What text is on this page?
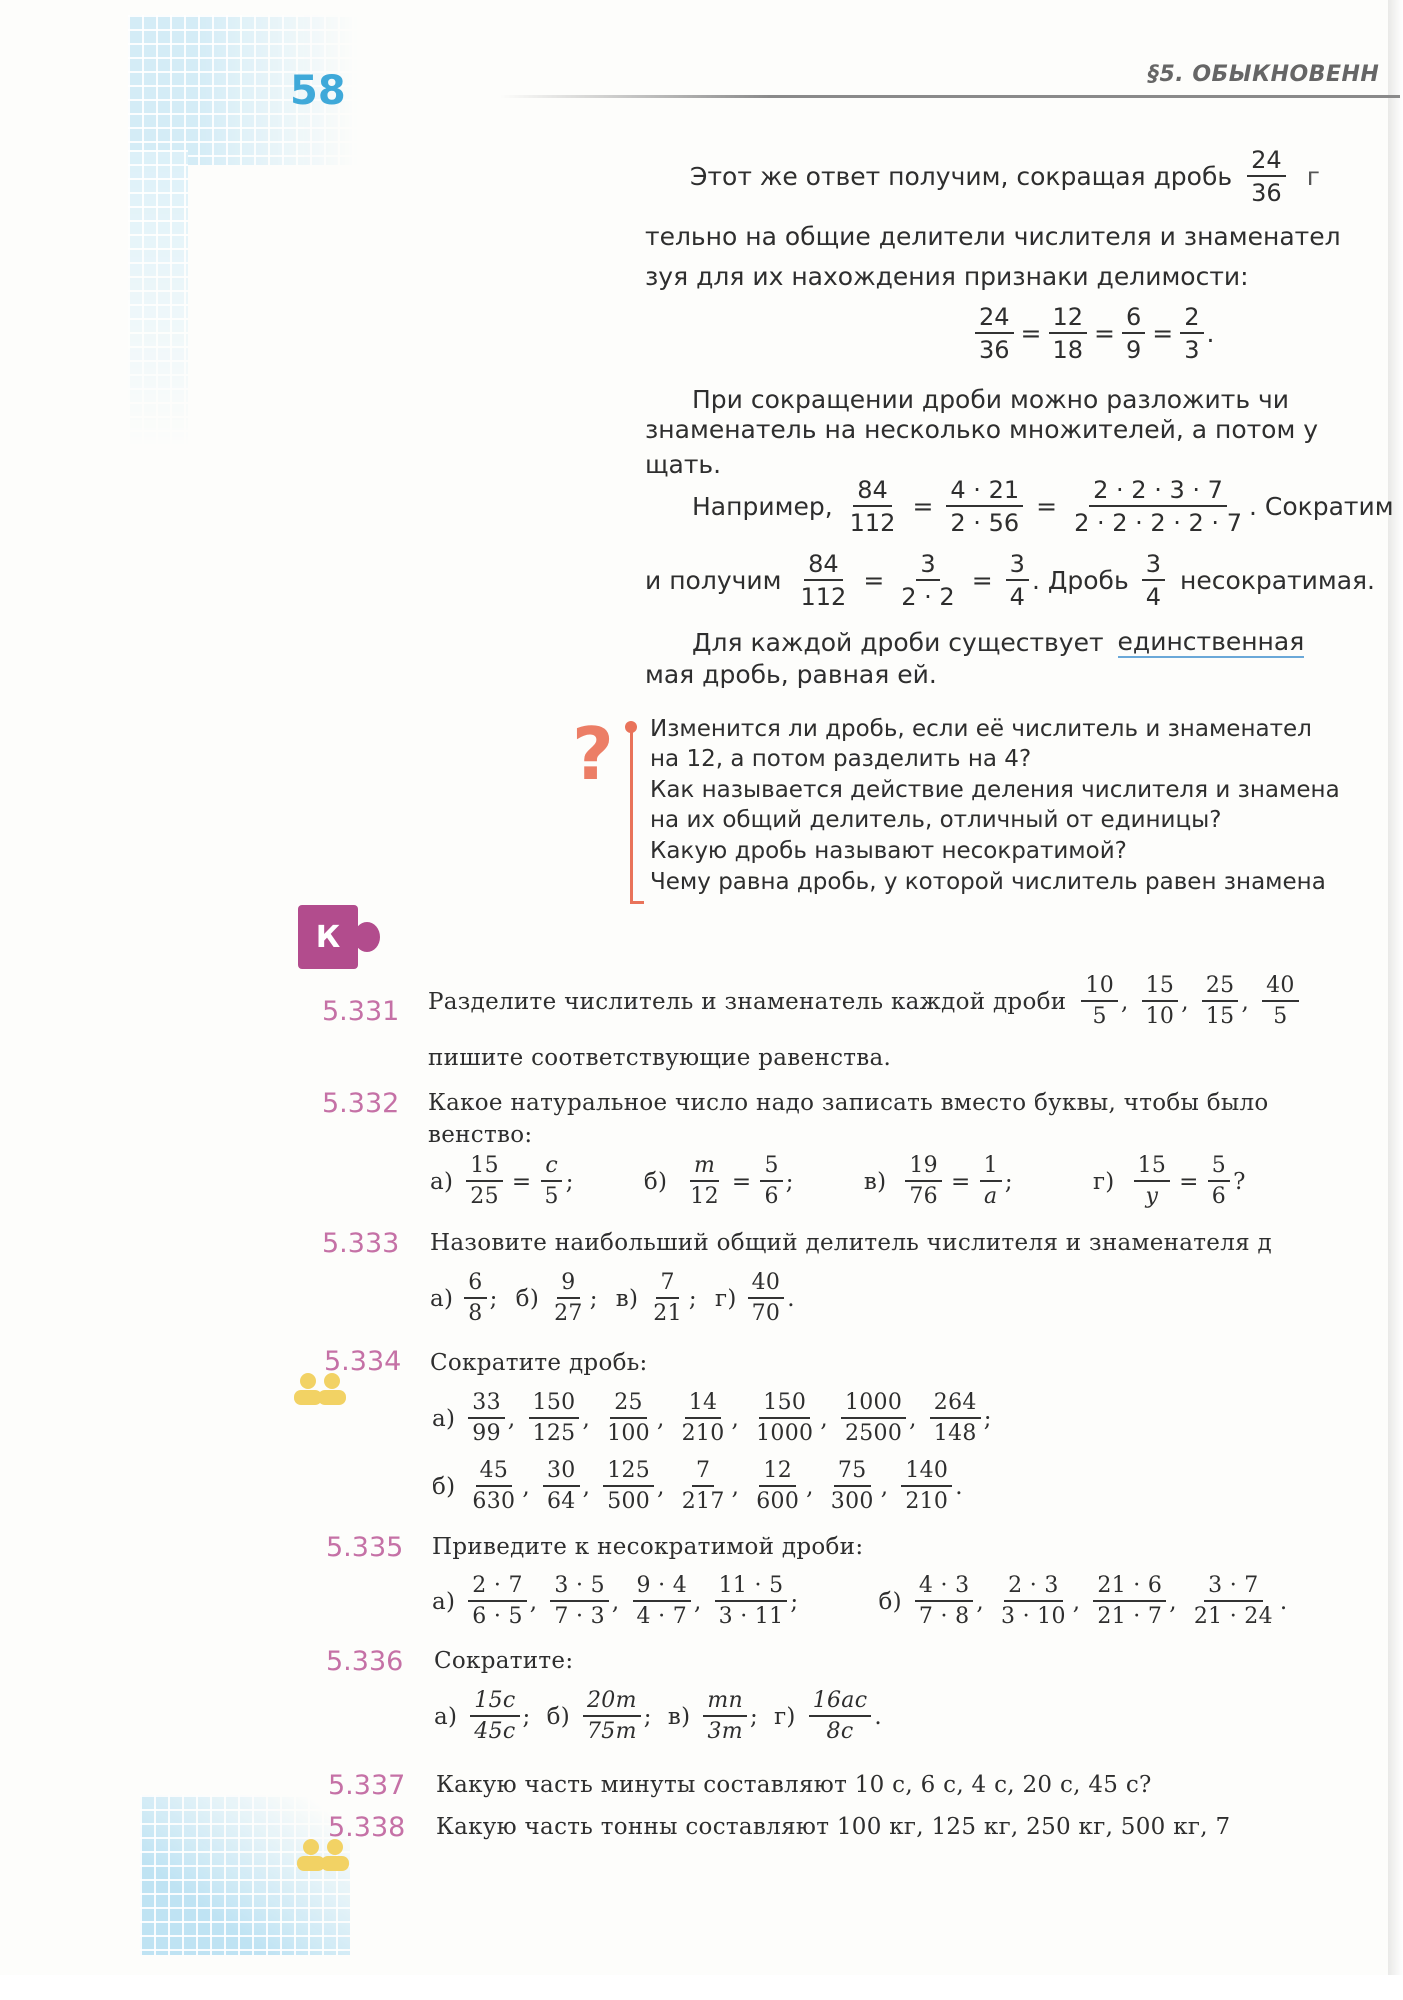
58	§5. ОБЫКНОВЕНН
Этот же ответ получим, сокращая дробь $\frac{24}{36}$ г
тельно на общие делители числителя и знаменател
зуя для их нахождения признаки делимости:
$\frac{24}{36} = \frac{12}{18} = \frac{6}{9} = \frac{2}{3}$ .
При сокращении дроби можно разложить чи
знаменатель на несколько множителей, а потом у
щать.
Например, $\frac{84}{112} = \frac{4 \cdot 21}{2 \cdot 56} = \frac{2 \cdot 2 \cdot 3 \cdot 7}{2 \cdot 2 \cdot 2 \cdot 2 \cdot 7}$ . Сократим
и получим $\frac{84}{112} = \frac{3}{2 \cdot 2} = \frac{3}{4}$ . Дробь $\frac{3}{4}$ несократимая.
Для каждой дроби существует единственная
мая дробь, равная ей.
? Изменится ли дробь, если её числитель и знаменател
на 12, а потом разделить на 4?
Как называется действие деления числителя и знамена
на их общий делитель, отличный от единицы?
Какую дробь называют несократимой?
Чему равна дробь, у которой числитель равен знамена
К
5.331 Разделите числитель и знаменатель каждой дроби $\frac{10}{5}$ , $\frac{15}{10}$ , $\frac{25}{15}$ , $\frac{40}{5}$
пишите соответствующие равенства.
5.332 Какое натуральное число надо записать вместо буквы, чтобы было
венство:
$а) \frac{15}{25} = \frac{c}{5}$ ;	$б) \frac{m}{12} = \frac{5}{6}$ ;	$в) \frac{19}{76} = \frac{1}{a}$ ;	$г) \frac{15}{y} = \frac{5}{6}$ ?
5.333 Назовите наибольший общий делитель числителя и знаменателя д
$а) \frac{6}{8}$ ; $б) \frac{9}{27}$ ; $в) \frac{7}{21}$ ; $г) \frac{40}{70}$ .
5.334 Сократите дробь:
$а) \frac{33}{99}$ , $\frac{150}{125}$ , $\frac{25}{100}$ , $\frac{14}{210}$ , $\frac{150}{1000}$ , $\frac{1000}{2500}$ , $\frac{264}{148}$ ;
$б) \frac{45}{630}$ , $\frac{30}{64}$ , $\frac{125}{500}$ , $\frac{7}{217}$ , $\frac{12}{600}$ , $\frac{75}{300}$ , $\frac{140}{210}$ .
5.335 Приведите к несократимой дроби:
$а) \frac{2 \cdot 7}{6 \cdot 5}$ , $\frac{3 \cdot 5}{7 \cdot 3}$ , $\frac{9 \cdot 4}{4 \cdot 7}$ , $\frac{11 \cdot 5}{3 \cdot 11}$ ;	$б) \frac{4 \cdot 3}{7 \cdot 8}$ , $\frac{2 \cdot 3}{3 \cdot 10}$ , $\frac{21 \cdot 6}{21 \cdot 7}$ , $\frac{3 \cdot 7}{21 \cdot 24}$ .
5.336 Сократите:
$а) \frac{15c}{45c}$ ; $б) \frac{20m}{75m}$ ; $в) \frac{mn}{3m}$ ; $г) \frac{16ac}{8c}$ .
5.337 Какую часть минуты составляют 10 с, 6 с, 4 с, 20 с, 45 с?
5.338 Какую часть тонны составляют 100 кг, 125 кг, 250 кг, 500 кг, 7
